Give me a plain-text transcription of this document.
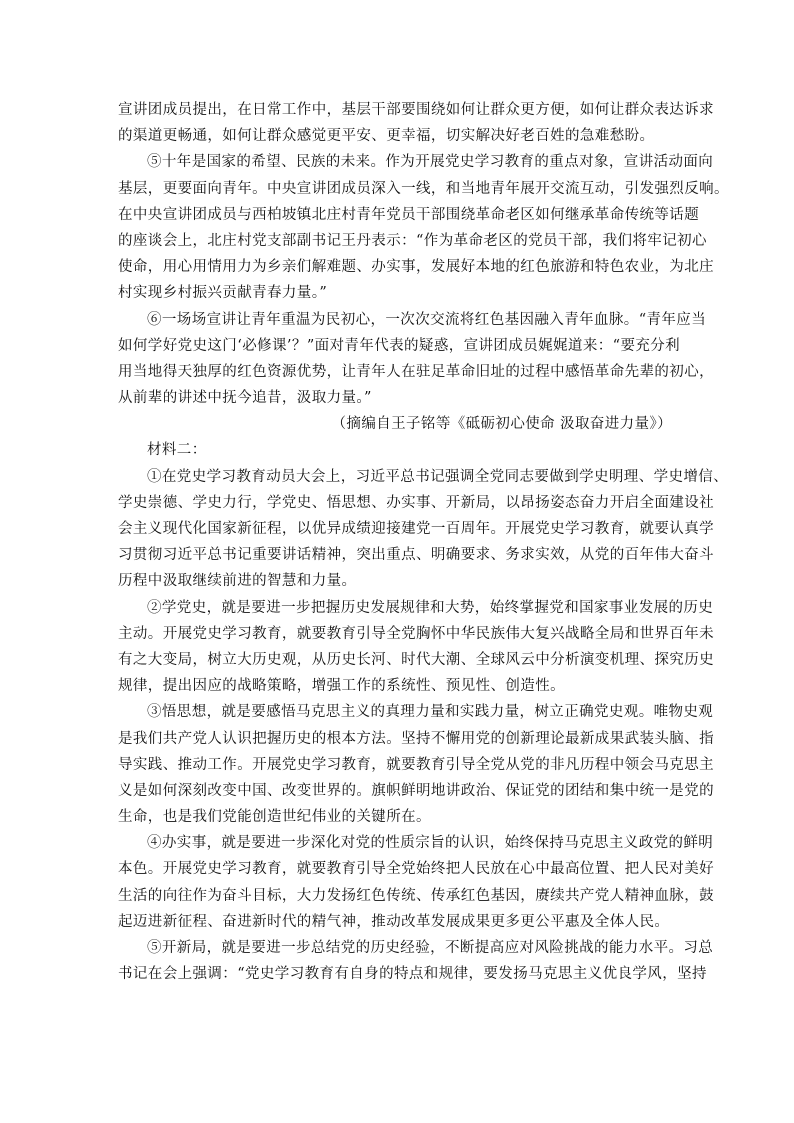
宣讲团成员提出，在日常工作中，基层干部要围绕如何让群众更方便，如何让群众表达诉求
的渠道更畅通，如何让群众感觉更平安、更幸福，切实解决好老百姓的急难愁盼。
⑤十年是国家的希望、民族的未来。作为开展党史学习教育的重点对象，宣讲活动面向
基层，更要面向青年。中央宣讲团成员深入一线，和当地青年展开交流互动，引发强烈反响。
在中央宣讲团成员与西柏坡镇北庄村青年党员干部围绕革命老区如何继承革命传统等话题
的座谈会上，北庄村党支部副书记王丹表示：“作为革命老区的党员干部，我们将牢记初心
使命，用心用情用力为乡亲们解难题、办实事，发展好本地的红色旅游和特色农业，为北庄
村实现乡村振兴贡献青春力量。”
⑥一场场宣讲让青年重温为民初心，一次次交流将红色基因融入青年血脉。“青年应当
如何学好党史这门‘必修课’？”面对青年代表的疑惑，宣讲团成员娓娓道来：“要充分利
用当地得天独厚的红色资源优势，让青年人在驻足革命旧址的过程中感悟革命先辈的初心，
从前辈的讲述中抚今追昔，汲取力量。”
（摘编自王子铭等《砥砺初心使命 汲取奋进力量》）
材料二：
①在党史学习教育动员大会上，习近平总书记强调全党同志要做到学史明理、学史增信、
学史崇德、学史力行，学党史、悟思想、办实事、开新局，以昂扬姿态奋力开启全面建设社
会主义现代化国家新征程，以优异成绩迎接建党一百周年。开展党史学习教育，就要认真学
习贯彻习近平总书记重要讲话精神，突出重点、明确要求、务求实效，从党的百年伟大奋斗
历程中汲取继续前进的智慧和力量。
②学党史，就是要进一步把握历史发展规律和大势，始终掌握党和国家事业发展的历史
主动。开展党史学习教育，就要教育引导全党胸怀中华民族伟大复兴战略全局和世界百年未
有之大变局，树立大历史观，从历史长河、时代大潮、全球风云中分析演变机理、探究历史
规律，提出因应的战略策略，增强工作的系统性、预见性、创造性。
③悟思想，就是要感悟马克思主义的真理力量和实践力量，树立正确党史观。唯物史观
是我们共产党人认识把握历史的根本方法。坚持不懈用党的创新理论最新成果武装头脑、指
导实践、推动工作。开展党史学习教育，就要教育引导全党从党的非凡历程中领会马克思主
义是如何深刻改变中国、改变世界的。旗帜鲜明地讲政治、保证党的团结和集中统一是党的
生命，也是我们党能创造世纪伟业的关键所在。
④办实事，就是要进一步深化对党的性质宗旨的认识，始终保持马克思主义政党的鲜明
本色。开展党史学习教育，就要教育引导全党始终把人民放在心中最高位置、把人民对美好
生活的向往作为奋斗目标，大力发扬红色传统、传承红色基因，赓续共产党人精神血脉，鼓
起迈进新征程、奋进新时代的精气神，推动改革发展成果更多更公平惠及全体人民。
⑤开新局，就是要进一步总结党的历史经验，不断提高应对风险挑战的能力水平。习总
书记在会上强调：“党史学习教育有自身的特点和规律，要发扬马克思主义优良学风，坚持
